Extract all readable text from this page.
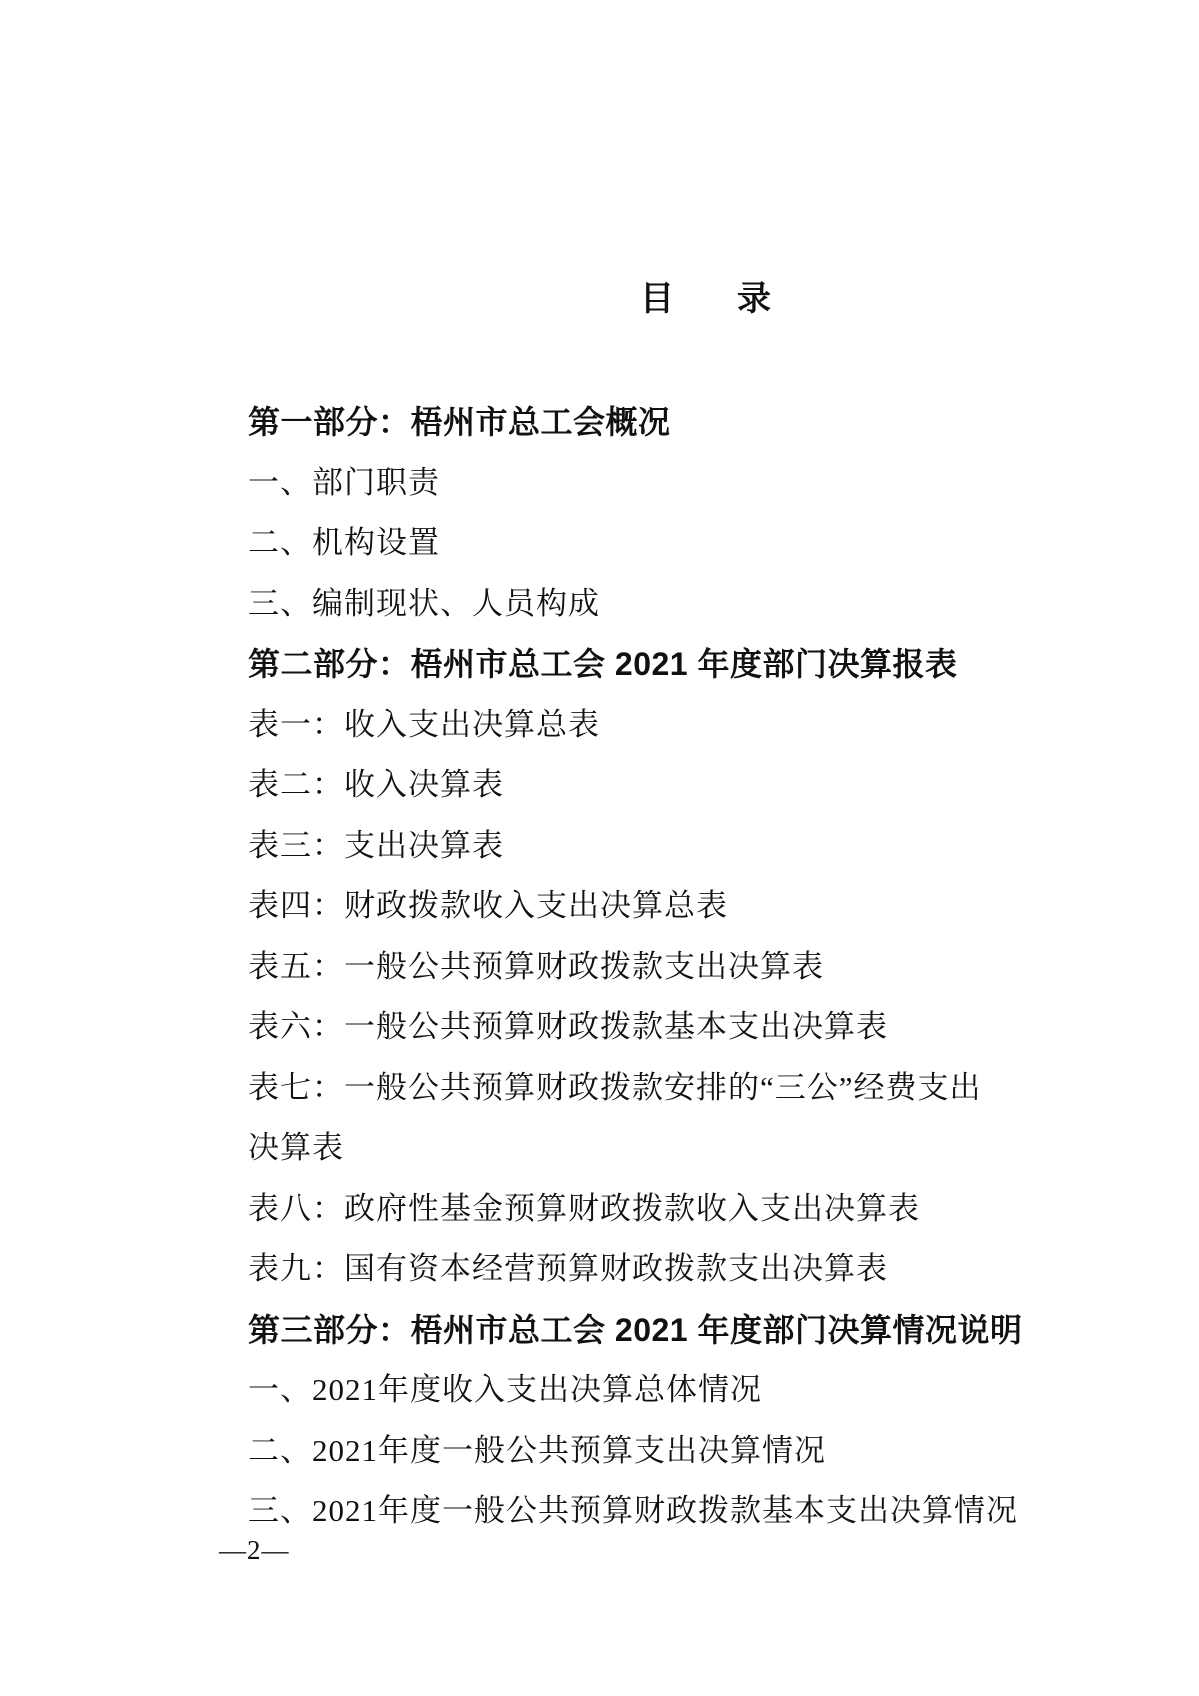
目 录
第一部分：梧州市总工会概况
一、部门职责
二、机构设置
三、编制现状、人员构成
第二部分：梧州市总工会 2021 年度部门决算报表
表一：收入支出决算总表
表二：收入决算表
表三：支出决算表
表四：财政拨款收入支出决算总表
表五：一般公共预算财政拨款支出决算表
表六：一般公共预算财政拨款基本支出决算表
表七：一般公共预算财政拨款安排的“三公”经费支出
决算表
表八：政府性基金预算财政拨款收入支出决算表
表九：国有资本经营预算财政拨款支出决算表
第三部分：梧州市总工会 2021 年度部门决算情况说明
一、2021年度收入支出决算总体情况
二、2021年度一般公共预算支出决算情况
三、2021年度一般公共预算财政拨款基本支出决算情况
—2—
